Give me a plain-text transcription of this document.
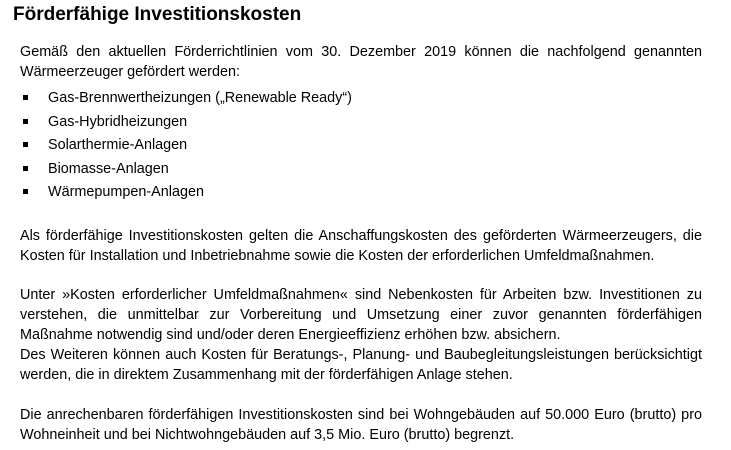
Förderfähige Investitionskosten
Gemäß den aktuellen Förderrichtlinien vom 30. Dezember 2019 können die nachfolgend genannten
Wärmeerzeuger gefördert werden:
Gas-Brennwertheizungen („Renewable Ready“)
Gas-Hybridheizungen
Solarthermie-Anlagen
Biomasse-Anlagen
Wärmepumpen-Anlagen
Als förderfähige Investitionskosten gelten die Anschaffungskosten des geförderten Wärmeerzeugers, die
Kosten für Installation und Inbetriebnahme sowie die Kosten der erforderlichen Umfeldmaßnahmen.
Unter »Kosten erforderlicher Umfeldmaßnahmen« sind Nebenkosten für Arbeiten bzw. Investitionen zu
verstehen, die unmittelbar zur Vorbereitung und Umsetzung einer zuvor genannten förderfähigen
Maßnahme notwendig sind und/oder deren Energieeffizienz erhöhen bzw. absichern.
Des Weiteren können auch Kosten für Beratungs-, Planung- und Baubegleitungsleistungen berücksichtigt
werden, die in direktem Zusammenhang mit der förderfähigen Anlage stehen.
Die anrechenbaren förderfähigen Investitionskosten sind bei Wohngebäuden auf 50.000 Euro (brutto) pro
Wohneinheit und bei Nichtwohngebäuden auf 3,5 Mio. Euro (brutto) begrenzt.
